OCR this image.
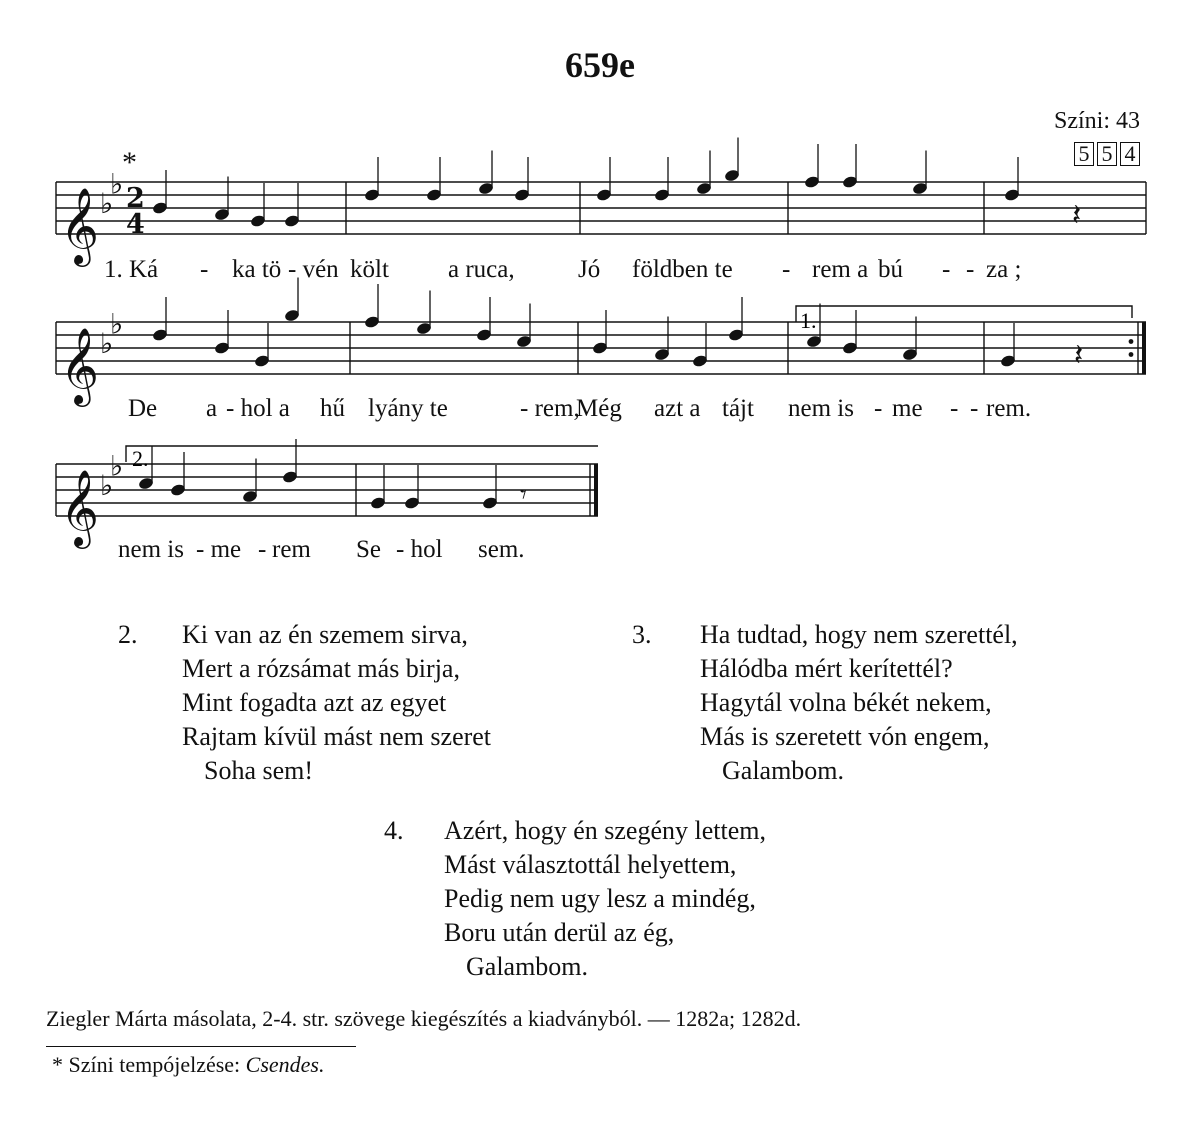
659e
Színi: 43
5 5 4
*
𝄞 ♭
♭ 2
4
𝄞 ♭
♭
𝄞 ♭
♭
𝄽
𝄽
𝄾
1.
2.
1. Ká - ka tö - vén költ a ruca,	Jó földben te - rem a bú - - za ;
De a - hol a hű lyány te	- rem,
Még azt a tájt nem is - me - - rem.
nem is - me - rem Se - hol sem.
2. Ki van az én szemem sirva,
Mert a rózsámat más birja,
Mint fogadta azt az egyet
Rajtam kívül mást nem szeret
Soha sem!
3. Ha tudtad, hogy nem szerettél,
Hálódba mért kerítettél?
Hagytál volna békét nekem,
Más is szeretett vón engem,
Galambom.
4. Azért, hogy én szegény lettem,
Mást választottál helyettem,
Pedig nem ugy lesz a mindég,
Boru után derül az ég,
Galambom.
Ziegler Márta másolata, 2-4. str. szövege kiegészítés a kiadványból. — 1282a; 1282d.
* Színi tempójelzése: Csendes.
